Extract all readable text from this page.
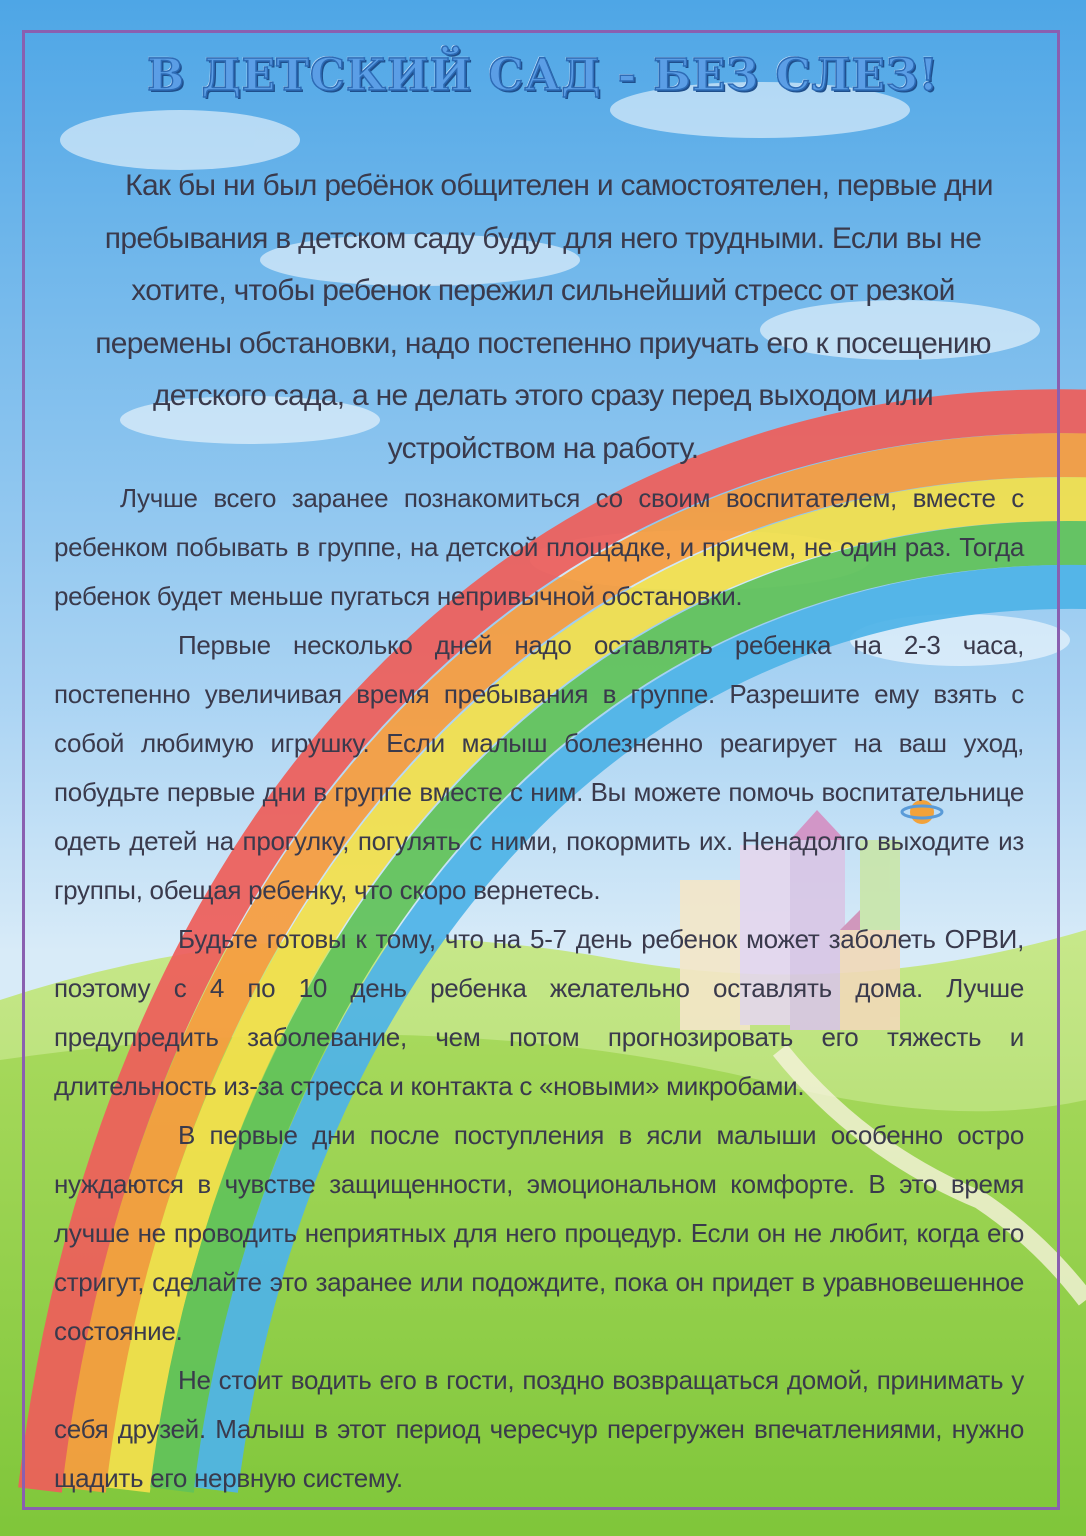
В ДЕТСКИЙ САД - БЕЗ СЛЕЗ!
Как бы ни был ребёнок общителен и самостоятелен, первые дни пребывания в детском саду будут для него трудными. Если вы не хотите, чтобы ребенок пережил сильнейший стресс от резкой перемены обстановки, надо постепенно приучать его к посещению детского сада, а не делать этого сразу перед выходом или устройством на работу.

Лучше всего заранее познакомиться со своим воспитателем, вместе с ребенком побывать в группе, на детской площадке, и причем, не один раз. Тогда ребенок будет меньше пугаться непривычной обстановки.

Первые несколько дней надо оставлять ребенка на 2-3 часа, постепенно увеличивая время пребывания в группе. Разрешите ему взять с собой любимую игрушку. Если малыш болезненно реагирует на ваш уход, побудьте первые дни в группе вместе с ним. Вы можете помочь воспитательнице одеть детей на прогулку, погулять с ними, покормить их. Ненадолго выходите из группы, обещая ребенку, что скоро вернетесь.

Будьте готовы к тому, что на 5-7 день ребенок может заболеть ОРВИ, поэтому с 4 по 10 день ребенка желательно оставлять дома. Лучше предупредить заболевание, чем потом прогнозировать его тяжесть и длительность из-за стресса и контакта с «новыми» микробами.

В первые дни после поступления в ясли малыши особенно остро нуждаются в чувстве защищенности, эмоциональном комфорте. В это время лучше не проводить неприятных для него процедур. Если он не любит, когда его стригут, сделайте это заранее или подождите, пока он придет в уравновешенное состояние.

Не стоит водить его в гости, поздно возвращаться домой, принимать у себя друзей. Малыш в этот период чересчур перегружен впечатлениями, нужно щадить его нервную систему.
